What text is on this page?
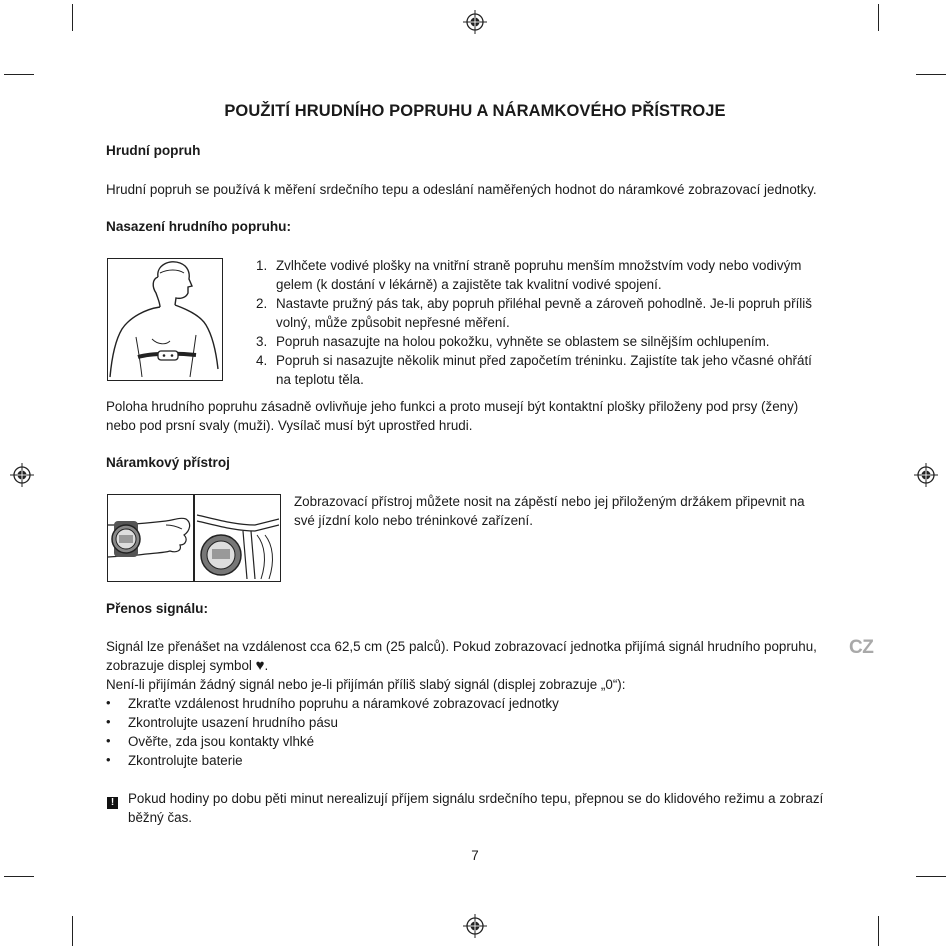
POUŽITÍ HRUDNÍHO POPRUHU A NÁRAMKOVÉHO PŘÍSTROJE
Hrudní popruh
Hrudní popruh se používá k měření srdečního tepu a odeslání naměřených hodnot do náramkové zobrazovací jednotky.
Nasazení hrudního popruhu:
1. Zvlhčete vodivé plošky na vnitřní straně popruhu menším množstvím vody nebo vodivým
gelem (k dostání v lékárně) a zajistěte tak kvalitní vodivé spojení.
2. Nastavte pružný pás tak, aby popruh přiléhal pevně a zároveň pohodlně. Je-li popruh příliš
volný, může způsobit nepřesné měření.
3. Popruh nasazujte na holou pokožku, vyhněte se oblastem se silnějším ochlupením.
4. Popruh si nasazujte několik minut před započetím tréninku. Zajistíte tak jeho včasné ohřátí
na teplotu těla.
Poloha hrudního popruhu zásadně ovlivňuje jeho funkci a proto musejí být kontaktní plošky přiloženy pod prsy (ženy)
nebo pod prsní svaly (muži). Vysílač musí být uprostřed hrudi.
Náramkový přístroj
Zobrazovací přístroj můžete nosit na zápěstí nebo jej přiloženým držákem připevnit na
své jízdní kolo nebo tréninkové zařízení.
Přenos signálu:
Signál lze přenášet na vzdálenost cca 62,5 cm (25 palců). Pokud zobrazovací jednotka přijímá signál hrudního popruhu,
zobrazuje displej symbol ♥.
Není-li přijímán žádný signál nebo je-li přijímán příliš slabý signál (displej zobrazuje „0“):
• Zkraťte vzdálenost hrudního popruhu a náramkové zobrazovací jednotky
• Zkontrolujte usazení hrudního pásu
• Ověřte, zda jsou kontakty vlhké
• Zkontrolujte baterie
! Pokud hodiny po dobu pěti minut nerealizují příjem signálu srdečního tepu, přepnou se do klidového režimu a zobrazí
běžný čas.
CZ
7
